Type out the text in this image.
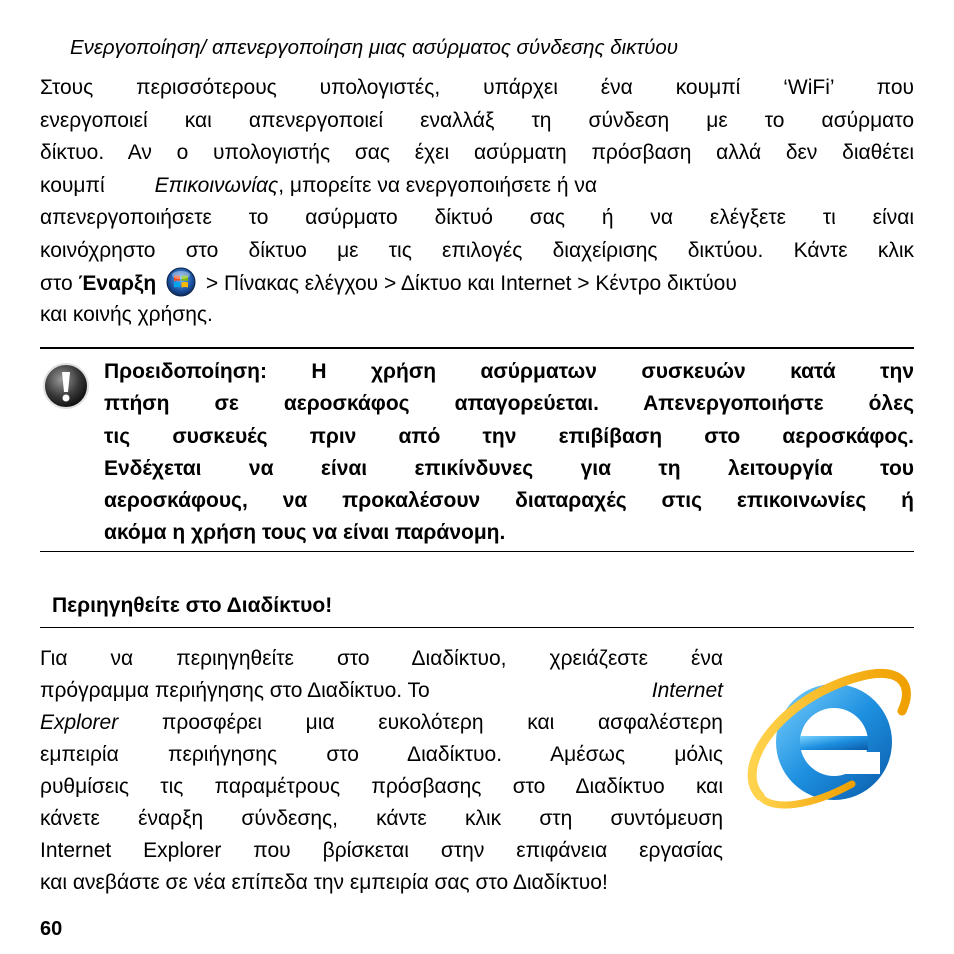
Ενεργοποίηση/ απενεργοποίηση μιας ασύρματος σύνδεσης δικτύου
Στους περισσότερους υπολογιστές, υπάρχει ένα κουμπί ‘WiFi’ που
ενεργοποιεί και απενεργοποιεί εναλλάξ τη σύνδεση με το ασύρματο
δίκτυο. Αν ο υπολογιστής σας έχει ασύρματη πρόσβαση αλλά δεν διαθέτει
κουμπί Επικοινωνίας, μπορείτε να ενεργοποιήσετε ή να
απενεργοποιήσετε το ασύρματο δίκτυό σας ή να ελέγξετε τι είναι
κοινόχρηστο στο δίκτυο με τις επιλογές διαχείρισης δικτύου. Κάντε κλικ
στο Έναρξη > Πίνακας ελέγχου > Δίκτυο και Internet > Κέντρο δικτύου
και κοινής χρήσης.
Προειδοποίηση: Η χρήση ασύρματων συσκευών κατά την
πτήση σε αεροσκάφος απαγορεύεται. Απενεργοποιήστε όλες
τις συσκευές πριν από την επιβίβαση στο αεροσκάφος.
Ενδέχεται να είναι επικίνδυνες για τη λειτουργία του
αεροσκάφους, να προκαλέσουν διαταραχές στις επικοινωνίες ή
ακόμα η χρήση τους να είναι παράνομη.
Περιηγηθείτε στο Διαδίκτυο!
Για να περιηγηθείτε στο Διαδίκτυο, χρειάζεστε ένα
πρόγραμμα περιήγησης στο Διαδίκτυο. Το	Internet
Explorer προσφέρει μια ευκολότερη και ασφαλέστερη
εμπειρία περιήγησης στο Διαδίκτυο. Αμέσως μόλις
ρυθμίσεις τις παραμέτρους πρόσβασης στο Διαδίκτυο και
κάνετε έναρξη σύνδεσης, κάντε κλικ στη συντόμευση
Internet Explorer που βρίσκεται στην επιφάνεια εργασίας
και ανεβάστε σε νέα επίπεδα την εμπειρία σας στο Διαδίκτυο!
60
